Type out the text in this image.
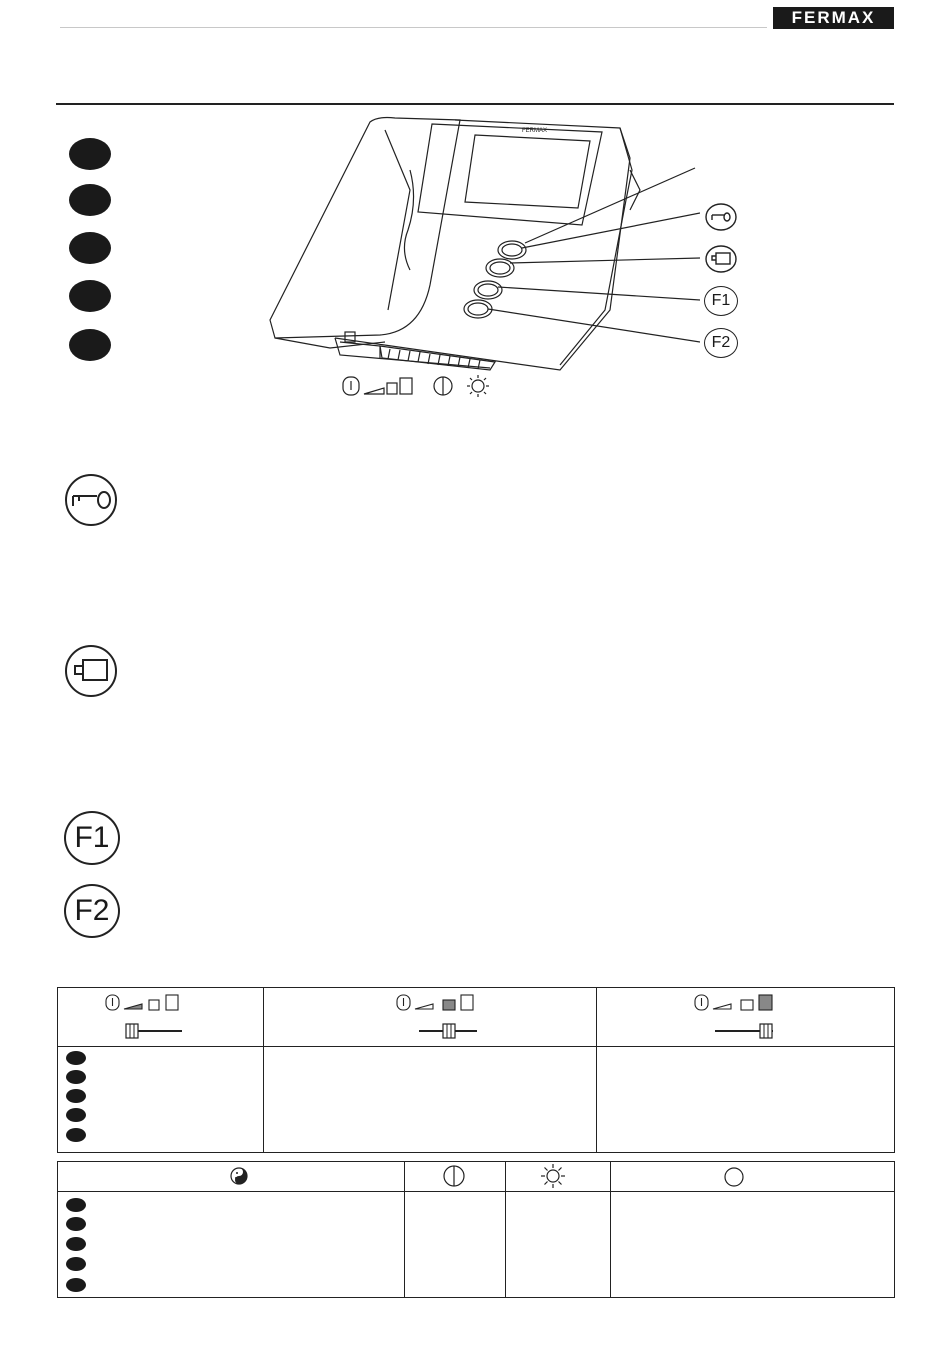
FERMAX
FERMAX
F1
F2
F1
F2
